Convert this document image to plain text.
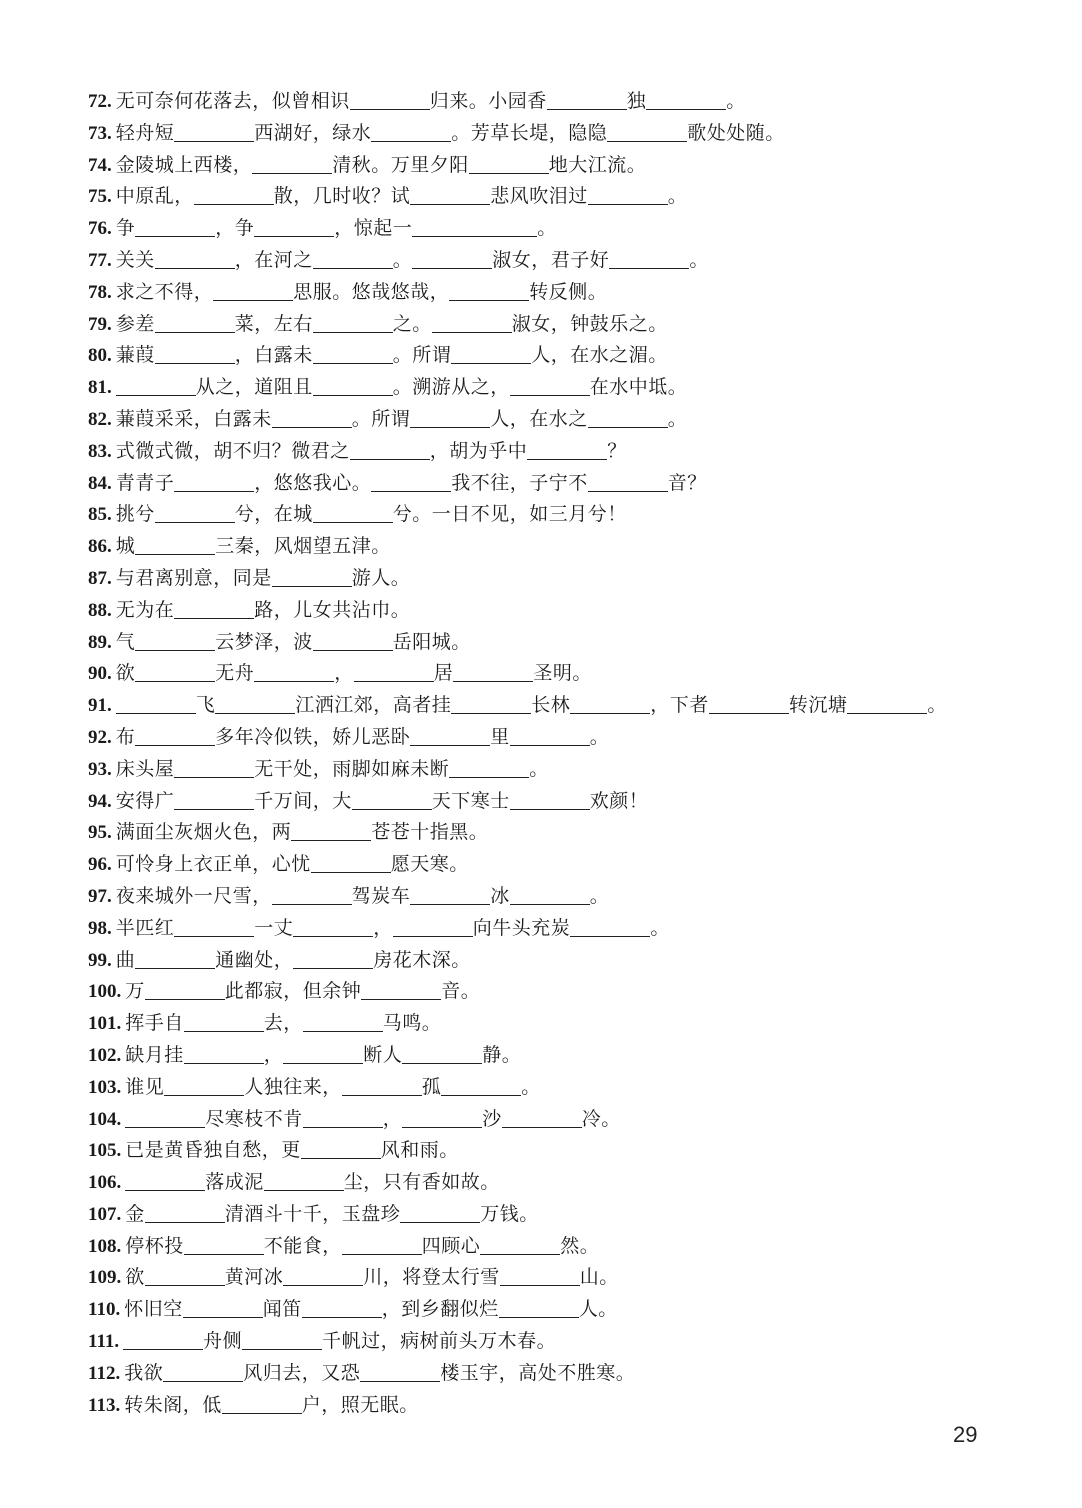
72 . 无可奈何花落去，似曾相识	归来。小园香	独	。
73 . 轻舟短	西湖好，绿水	。芳草长堤，隐隐	歌处处随。
74 . 金陵城上西楼，	清秋。万里夕阳	地大江流。
75 . 中原乱，	散，几时收？试	悲风吹泪过	。
76 . 争	，争	，惊起一	。
77 . 关关	，在河之	。	淑女，君子好	。
78 . 求之不得，	思服。悠哉悠哉，	转反侧。
79 . 参差	菜，左右	之。	淑女，钟鼓乐之。
80 . 蒹葭	，白露未	。所谓	人，在水之湄。
81 .	从之，道阻且	。溯游从之，	在水中坻。
82 . 蒹葭采采，白露未	。所谓	人，在水之	。
83 . 式微式微，胡不归？微君之	，胡为乎中	？
84 . 青青子	，悠悠我心。	我不往，子宁不	音？
85 . 挑兮	兮，在城	兮。一日不见，如三月兮！
86 . 城	三秦，风烟望五津。
87 . 与君离别意，同是	游人。
88 . 无为在	路，儿女共沾巾。
89 . 气	云梦泽，波	岳阳城。
90 . 欲	无舟	，	居	圣明。
91 .	飞	江洒江郊，高者挂	长林	，下者	转沉塘	。
92 . 布	多年冷似铁，娇儿恶卧	里	。
93 . 床头屋	无干处，雨脚如麻未断	。
94 . 安得广	千万间，大	天下寒士	欢颜！
95 . 满面尘灰烟火色，两	苍苍十指黑。
96 . 可怜身上衣正单，心忧	愿天寒。
97 . 夜来城外一尺雪，	驾炭车	冰	。
98 . 半匹红	一丈	，	向牛头充炭	。
99 . 曲	通幽处，	房花木深。
100 . 万	此都寂，但余钟	音。
101 . 挥手自	去，	马鸣。
102 . 缺月挂	，	断人	静。
103 . 谁见	人独往来，	孤	。
104 .	尽寒枝不肯	，	沙	冷。
105 . 已是黄昏独自愁，更	风和雨。
106 .	落成泥	尘，只有香如故。
107 . 金	清酒斗十千，玉盘珍	万钱。
108 . 停杯投	不能食，	四顾心	然。
109 . 欲	黄河冰	川，将登太行雪	山。
110 . 怀旧空	闻笛	，到乡翻似烂	人。
111 .	舟侧	千帆过，病树前头万木春。
112 . 我欲	风归去，又恐	楼玉宇，高处不胜寒。
113 . 转朱阁，低	户，照无眠。
29
